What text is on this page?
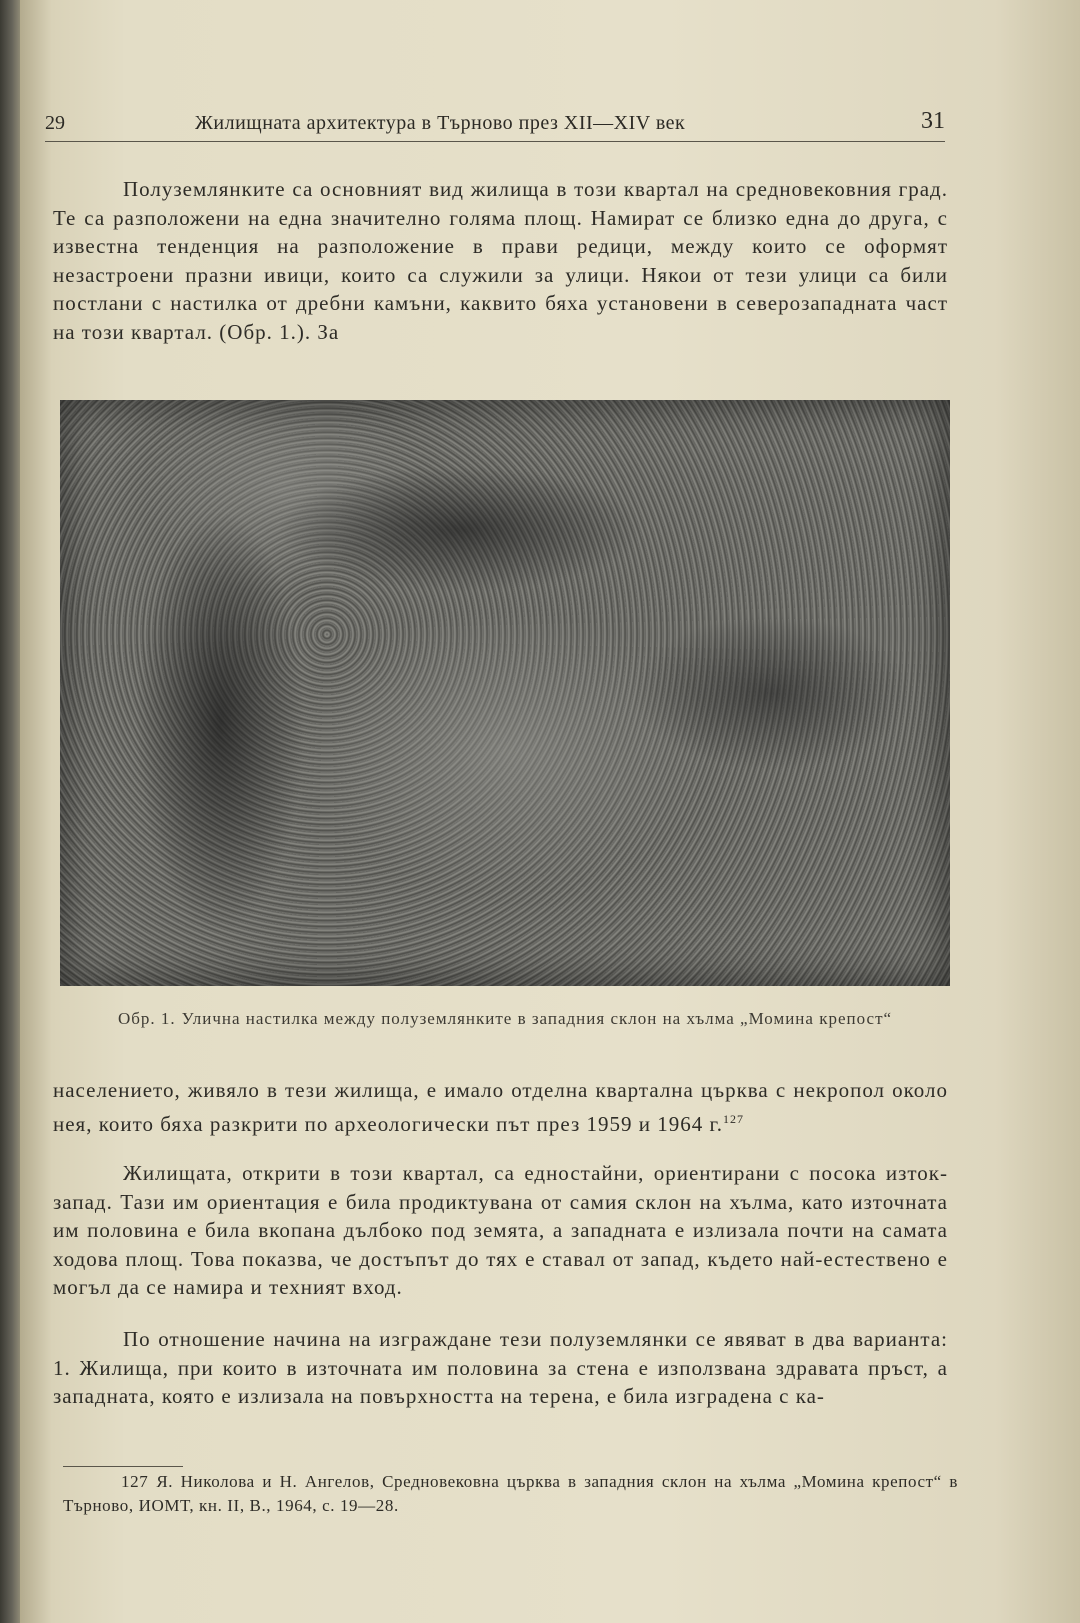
29	Жилищната архитектура в Търново през XII—XIV век	31

Полуземлянките са основният вид жилища в този квартал на средновековния град. Те са разположени на една значително голяма площ. Намират се близко една до друга, с известна тенденция на разположение в прави редици, между които се оформят незастроени празни ивици, които са служили за улици. Някои от тези улици са били постлани с настилка от дребни камъни, каквито бяха установени в северозападната част на този квартал. (Обр. 1.). За

Обр. 1. Улична настилка между полуземлянките в западния склон на хълма „Момина крепост“

населението, живяло в тези жилища, е имало отделна квартална църква с некропол около нея, които бяха разкрити по археологически път през 1959 и 1964 г.$^{127}$

Жилищата, открити в този квартал, са едностайни, ориентирани с посока изток-запад. Тази им ориентация е била продиктувана от самия склон на хълма, като източната им половина е била вкопана дълбоко под земята, а западната е излизала почти на самата ходова площ. Това показва, че достъпът до тях е ставал от запад, където най-естествено е могъл да се намира и техният вход.

По отношение начина на изграждане тези полуземлянки се явяват в два варианта: 1. Жилища, при които в източната им половина за стена е използвана здравата пръст, а западната, която е излизала на повърхността на терена, е била изградена с ка-

127 Я. Николова и Н. Ангелов, Средновековна църква в западния склон на хълма „Момина крепост“ в Търново, ИОМТ, кн. II, В., 1964, с. 19—28.
